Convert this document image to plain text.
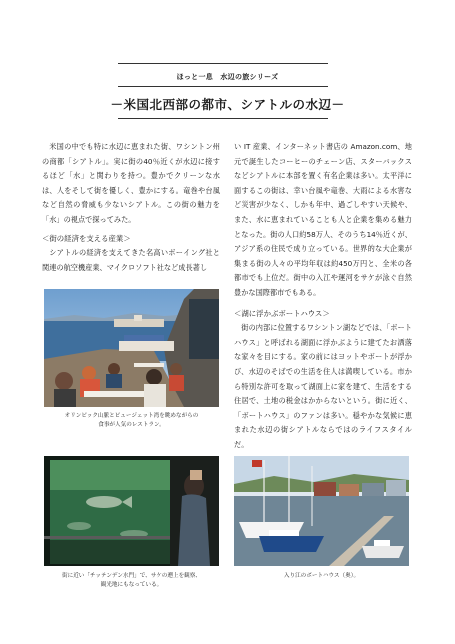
ほっと一息　水辺の旅シリーズ
－米国北西部の都市、シアトルの水辺－

米国の中でも特に水辺に恵まれた街、ワシントン州の商都「シアトル」。実に街の40％近くが水辺に接するほど「水」と関わりを持つ。豊かでクリーンな水は、人をそして街を優しく、豊かにする。竜巻や台風など自然の脅威も少ないシアトル。この街の魅力を「水」の視点で探ってみた。

＜街の経済を支える産業＞

シアトルの経済を支えてきた名高いボーイング社と関連の航空機産業、マイクロソフト社など成長著し

い IT 産業、インターネット書店の Amazon.com、地元で誕生したコーヒーのチェーン店、スターバックスなどシアトルに本部を置く有名企業は多い。太平洋に面するこの街は、幸い台風や竜巻、大雨による水害など災害が少なく、しかも年中、過ごしやすい天候や、また、水に恵まれていることも人と企業を集める魅力となった。街の人口約58万人、そのうち14％近くが、アジア系の住民で成り立っている。世界的な大企業が集まる街の人々の平均年収は約450万円と、全米の各都市でも上位だ。街中の入江や運河をサケが泳ぐ自然豊かな国際都市でもある。

＜湖に浮かぶボートハウス＞

街の内部に位置するワシントン湖などでは、「ボートハウス」と呼ばれる湖面に浮かぶように建てたお洒落な家々を目にする。家の前にはヨットやボートが浮かび、水辺のそばでの生活を住人は満喫している。市から特別な許可を取って湖面上に家を建て、生活をする住居で、土地の税金はかからないという。街に近く、「ボートハウス」のファンは多い。穏やかな気候に恵まれた水辺の街シアトルならではのライフスタイルだ。

オリンピック山脈とピュージェット湾を眺めながらの
食事が人気のレストラン。
街に近い「チッテンデン水門」で、サケの遡上を観察、
観光地にもなっている。
入り江のボートハウス（奥）。
